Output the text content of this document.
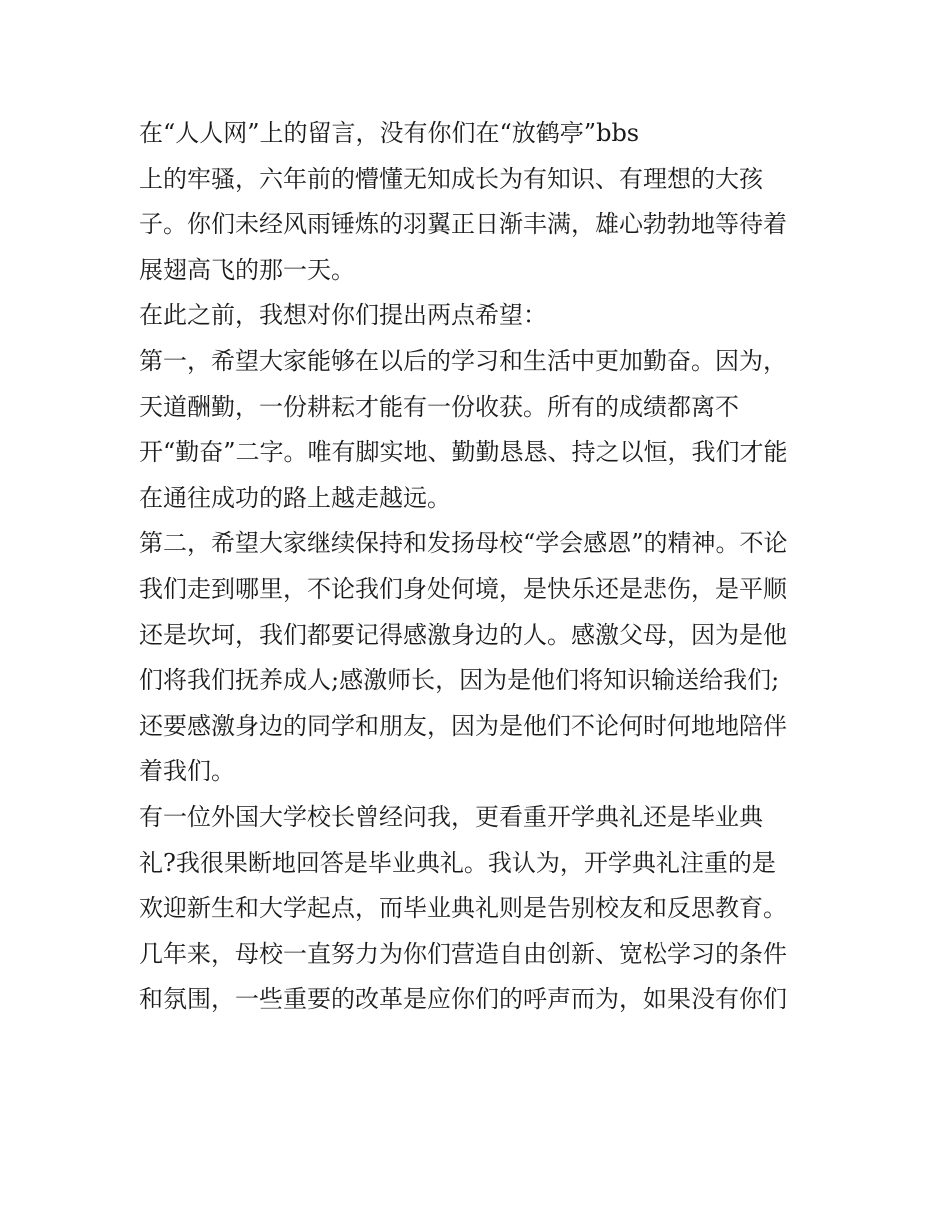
在“人人网”上的留言，没有你们在“放鹤亭”bbs
上的牢骚，六年前的懵懂无知成长为有知识、有理想的大孩
子。你们未经风雨锤炼的羽翼正日渐丰满，雄心勃勃地等待着
展翅高飞的那一天。
在此之前，我想对你们提出两点希望：
第一，希望大家能够在以后的学习和生活中更加勤奋。因为，
天道酬勤，一份耕耘才能有一份收获。所有的成绩都离不
开“勤奋”二字。唯有脚实地、勤勤恳恳、持之以恒，我们才能
在通往成功的路上越走越远。
第二，希望大家继续保持和发扬母校“学会感恩”的精神。不论
我们走到哪里，不论我们身处何境，是快乐还是悲伤，是平顺
还是坎坷，我们都要记得感激身边的人。感激父母，因为是他
们将我们抚养成人;感激师长，因为是他们将知识输送给我们;
还要感激身边的同学和朋友，因为是他们不论何时何地地陪伴
着我们。
有一位外国大学校长曾经问我，更看重开学典礼还是毕业典
礼?我很果断地回答是毕业典礼。我认为，开学典礼注重的是
欢迎新生和大学起点，而毕业典礼则是告别校友和反思教育。
几年来，母校一直努力为你们营造自由创新、宽松学习的条件
和氛围，一些重要的改革是应你们的呼声而为，如果没有你们
